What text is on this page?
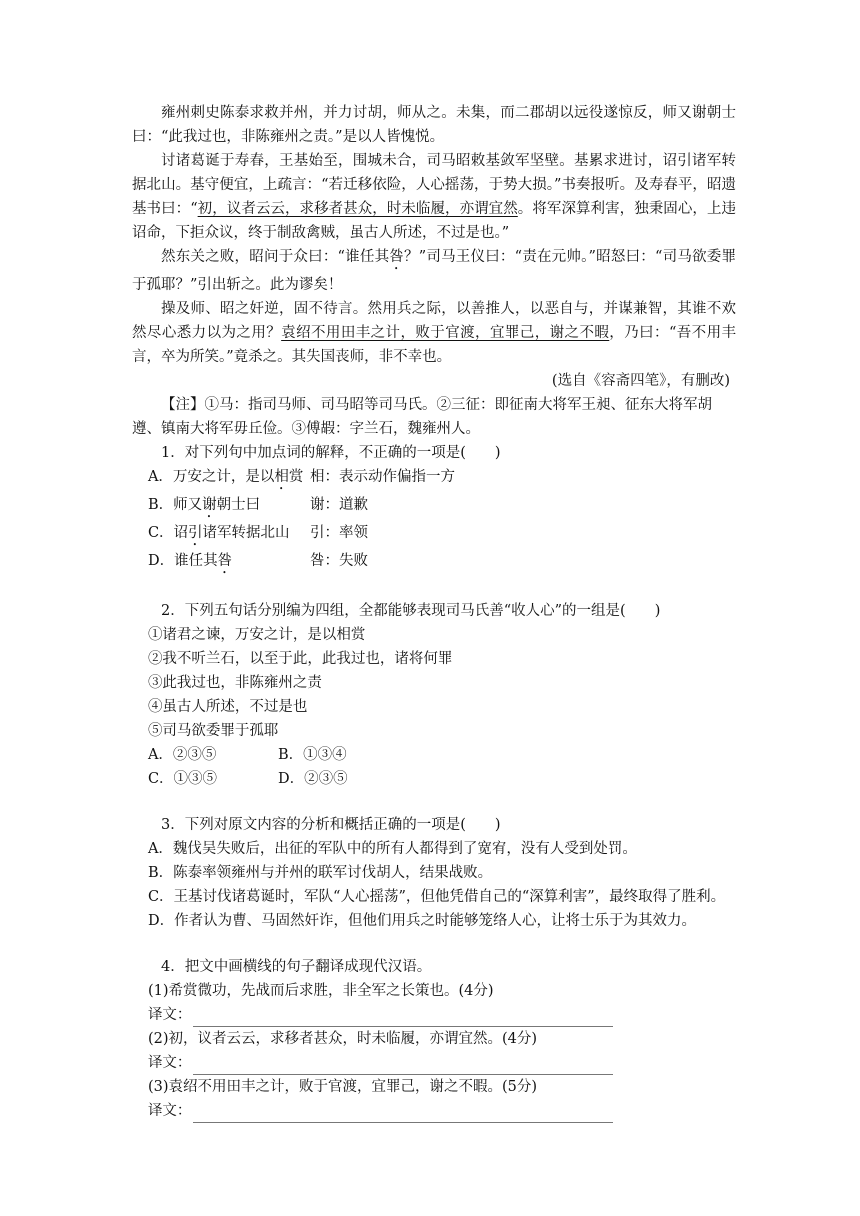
雍州刺史陈泰求救并州，并力讨胡，师从之。未集，而二郡胡以远役遂惊反，师又谢朝士曰：“此我过也，非陈雍州之责。”是以人皆愧悦。

讨诸葛诞于寿春，王基始至，围城未合，司马昭敕基敛军坚壁。基累求进讨，诏引诸军转据北山。基守便宜，上疏言：“若迁移依险，人心摇荡，于势大损。”书奏报听。及寿春平，昭遗基书曰：“初，议者云云，求移者甚众，时未临履，亦谓宜然。将军深算利害，独秉固心，上违诏命，下拒众议，终于制敌禽贼，虽古人所述，不过是也。”

然东关之败，昭问于众曰：“谁任其咎？”司马王仪曰：“责在元帅。”昭怒曰：“司马欲委罪于孤耶？”引出斩之。此为谬矣！

操及师、昭之奸逆，固不待言。然用兵之际，以善推人，以恶自与，并谋兼智，其谁不欢然尽心悉力以为之用？袁绍不用田丰之计，败于官渡，宜罪己，谢之不暇，乃曰：“吾不用丰言，卒为所笑。”竟杀之。其失国丧师，非不幸也。

(选自《容斋四笔》，有删改)

【注】①马：指司马师、司马昭等司马氏。②三征：即征南大将军王昶、征东大将军胡遵、镇南大将军毋丘俭。③傅嘏：字兰石，魏雍州人。

1．对下列句中加点词的解释，不正确的一项是(　　)

A．万安之计，是以相赏 相：表示动作偏指一方
B．师又谢朝士曰	谢：道歉
C．诏引诸军转据北山	引：率领
D．谁任其咎	咎：失败

2．下列五句话分别编为四组，全都能够表现司马氏善“收人心”的一组是(　　)

①诸君之谏，万安之计，是以相赏

②我不听兰石，以至于此，此我过也，诸将何罪

③此我过也，非陈雍州之责

④虽古人所述，不过是也

⑤司马欲委罪于孤耶

A．②③⑤	B．①③④
C．①③⑤	D．②③⑤

3．下列对原文内容的分析和概括正确的一项是(　　)

A．魏伐吴失败后，出征的军队中的所有人都得到了宽宥，没有人受到处罚。

B．陈泰率领雍州与并州的联军讨伐胡人，结果战败。

C．王基讨伐诸葛诞时，军队“人心摇荡”，但他凭借自己的“深算利害”，最终取得了胜利。

D．作者认为曹、马固然奸诈，但他们用兵之时能够笼络人心，让将士乐于为其效力。

4．把文中画横线的句子翻译成现代汉语。

(1)希赏微功，先战而后求胜，非全军之长策也。(4分)

译文：

(2)初，议者云云，求移者甚众，时未临履，亦谓宜然。(4分)

译文：

(3)袁绍不用田丰之计，败于官渡，宜罪己，谢之不暇。(5分)

译文：
